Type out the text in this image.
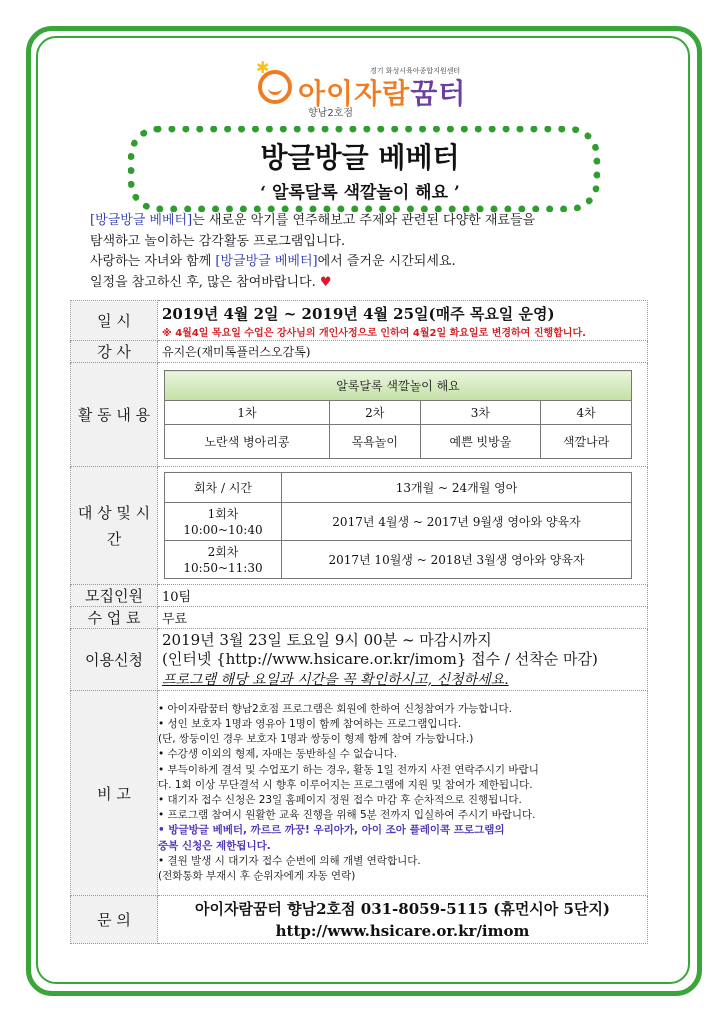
✱	경기 화성시육아종합지원센터
아이자람꿈터
향남2호점
방글방글 베베터
‘ 알록달록 색깔놀이 해요 ’
[방글방글 베베터]는 새로운 악기를 연주해보고 주제와 관련된 다양한 재료들을
탐색하고 놀이하는 감각활동 프로그램입니다.
사랑하는 자녀와 함께 [방글방글 베베터]에서 즐거운 시간되세요.
일정을 참고하신 후, 많은 참여바랍니다. ♥
일 시	2019년 4월 2일 ~ 2019년 4월 25일(매주 목요일 운영)
※ 4월4일 목요일 수업은 강사님의 개인사정으로 인하여 4월2일 화요일로 변경하여 진행합니다.

강 사	유지은(재미톡플러스오감톡)
활 동 내 용	
알록달록 색깔놀이 해요
1차	2차	3차	4차
노란색 병아리콩	목욕놀이	예쁜 빗방울	색깔나라

대 상 및 시 간	
회차 / 시간	13개월 ~ 24개월 영아

1회차
10:00~10:40
	2017년 4월생 ~ 2017년 9월생 영아와 양육자

2회차
10:50~11:30
	2017년 10월생 ~ 2018년 3월생 영아와 양육자

모집인원	10팀
수 업 료	무료
이용신청	
2019년 3월 23일 토요일 9시 00분 ~ 마감시까지
(인터넷 {http://www.hsicare.or.kr/imom} 접수 / 선착순 마감)
프로그램 해당 요일과 시간을 꼭 확인하시고, 신청하세요.

비 고	
• 아이자람꿈터 향남2호점 프로그램은 회원에 한하여 신청참여가 가능합니다.
• 성인 보호자 1명과 영유아 1명이 함께 참여하는 프로그램입니다.
(단, 쌍둥이인 경우 보호자 1명과 쌍둥이 형제 함께 참여 가능합니다.)
• 수강생 이외의 형제, 자매는 동반하실 수 없습니다.
• 부득이하게 결석 및 수업포기 하는 경우, 활동 1일 전까지 사전 연락주시기 바랍니
다. 1회 이상 무단결석 시 향후 이루어지는 프로그램에 지원 및 참여가 제한됩니다.
• 대기자 접수 신청은 23일 홈페이지 정원 접수 마감 후 순차적으로 진행됩니다.
• 프로그램 참여시 원활한 교육 진행을 위해 5분 전까지 입실하여 주시기 바랍니다.
• 방글방글 베베터, 까르르 까꿍! 우리아가, 아이 조아 플레이콕 프로그램의
중복 신청은 제한됩니다.
• 결원 발생 시 대기자 접수 순번에 의해 개별 연락합니다.
(전화통화 부재시 후 순위자에게 자동 연락)

문 의	
아이자람꿈터 향남2호점 031-8059-5115 (휴먼시아 5단지)
http://www.hsicare.or.kr/imom
